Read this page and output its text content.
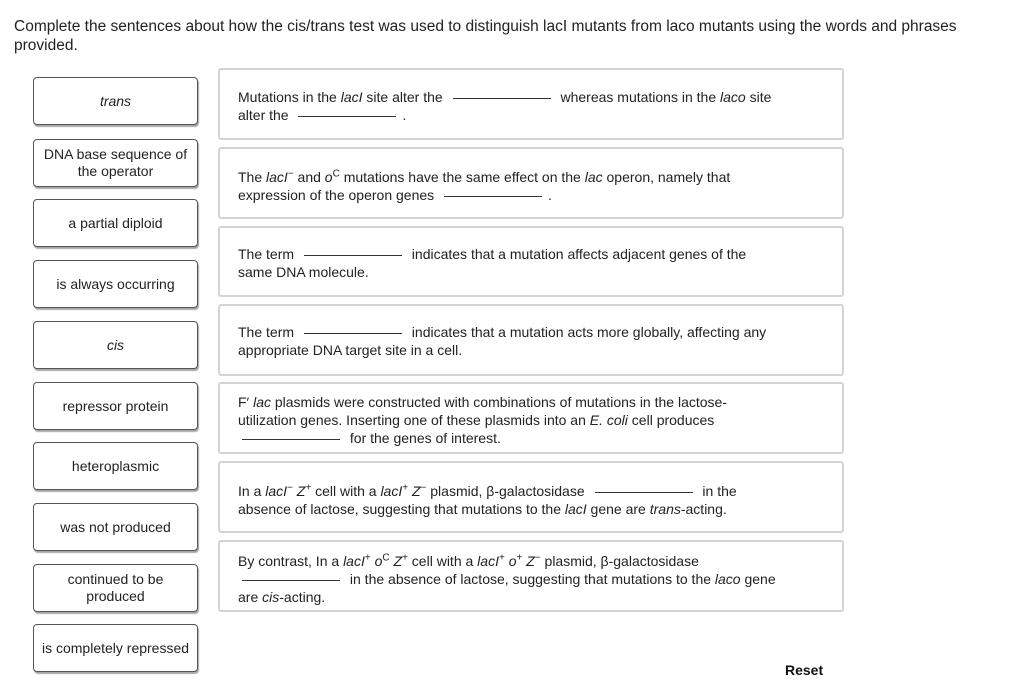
Complete the sentences about how the cis/trans test was used to distinguish lacI mutants from laco mutants using the words and phrases provided.
trans
DNA base sequence of the operator
a partial diploid
is always occurring
cis
repressor protein
heteroplasmic
was not produced
continued to be produced
is completely repressed
Mutations in the lacI site alter the	whereas mutations in the laco site
alter the	.
The lacI− and $o^C$ mutations have the same effect on the lac operon, namely that
expression of the operon genes	.
The term	indicates that a mutation affects adjacent genes of the
same DNA molecule.
The term	indicates that a mutation acts more globally, affecting any
appropriate DNA target site in a cell.
F′ lac plasmids were constructed with combinations of mutations in the lactose-
utilization genes. Inserting one of these plasmids into an E. coli cell produces
for the genes of interest.
In a lacI− Z+ cell with a lacI+ Z− plasmid, β-galactosidase	in the
absence of lactose, suggesting that mutations to the lacI gene are trans-acting.
By contrast, In a lacI+ $o^C$ Z+ cell with a lacI+ o+ Z− plasmid, β-galactosidase
in the absence of lactose, suggesting that mutations to the laco gene
are cis-acting.
Reset
